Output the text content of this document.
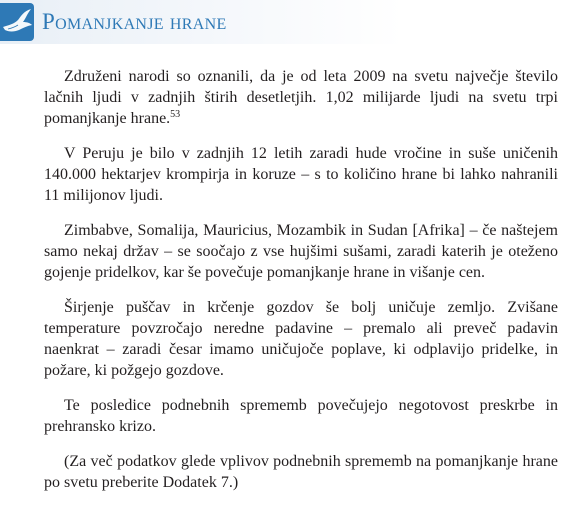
Pomanjkanje hrane

Združeni narodi so oznanili, da je od leta 2009 na svetu največje število lačnih ljudi v zadnjih štirih desetletjih. 1,02 milijarde ljudi na svetu trpi pomanjkanje hrane.$^{53}$

V Peruju je bilo v zadnjih 12 letih zaradi hude vročine in suše uničenih 140.000 hektarjev krompirja in koruze – s to količino hrane bi lahko nahranili 11 milijonov ljudi.

Zimbabve, Somalija, Mauricius, Mozambik in Sudan [Afrika] – če naštejem samo nekaj držav – se soočajo z vse hujšimi sušami, zaradi katerih je oteženo gojenje pridelkov, kar še povečuje pomanjkanje hrane in višanje cen.

Širjenje puščav in krčenje gozdov še bolj uničuje zemljo. Zvišane temperature povzročajo neredne padavine – premalo ali preveč padavin naenkrat – zaradi česar imamo uničujoče poplave, ki odplavijo pridelke, in požare, ki požgejo gozdove.

Te posledice podnebnih sprememb povečujejo negotovost preskrbe in prehransko krizo.

(Za več podatkov glede vplivov podnebnih sprememb na pomanjkanje hrane po svetu preberite Dodatek 7.)
